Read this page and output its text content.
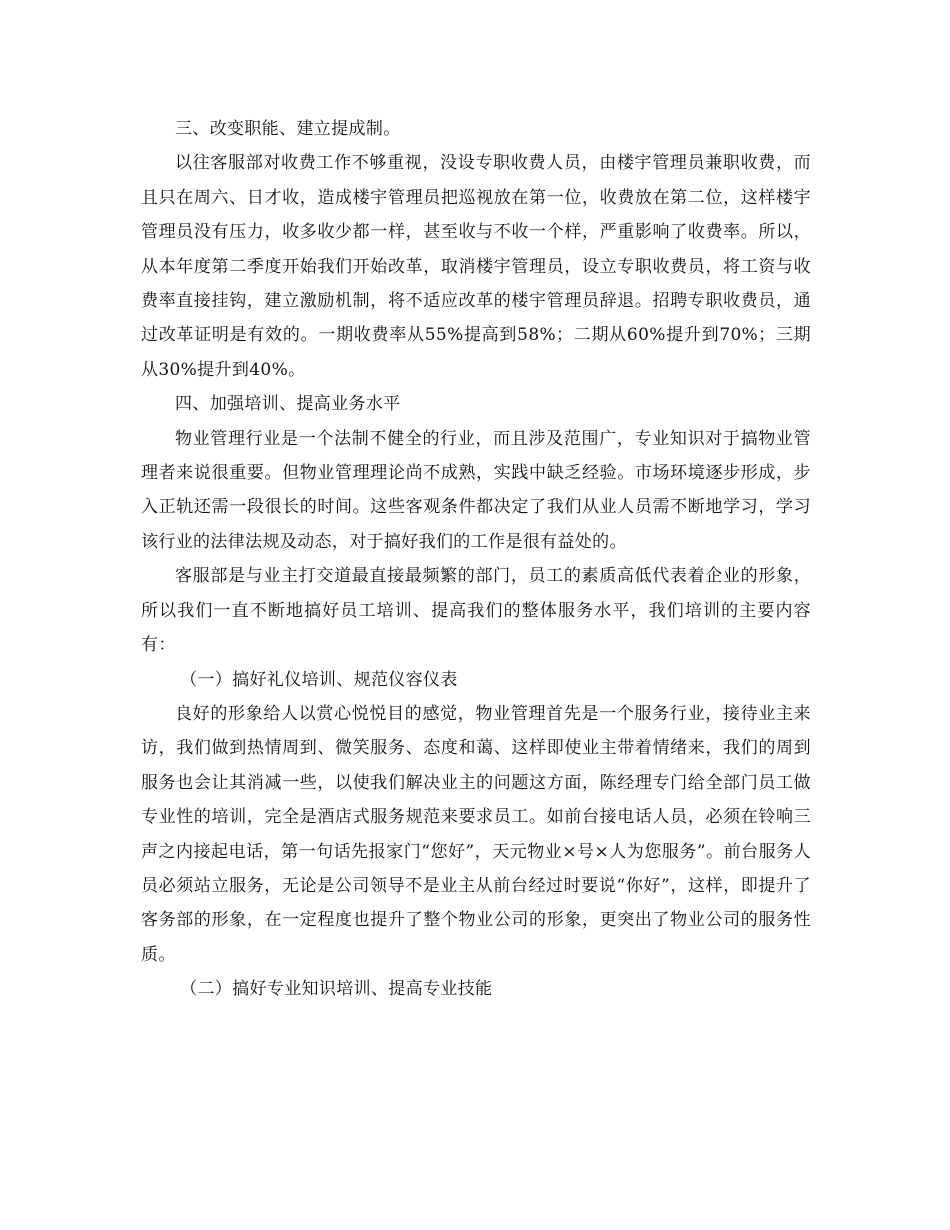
三、改变职能、建立提成制。

以往客服部对收费工作不够重视，没设专职收费人员，由楼宇管理员兼职收费，而且只在周六、日才收，造成楼宇管理员把巡视放在第一位，收费放在第二位，这样楼宇管理员没有压力，收多收少都一样，甚至收与不收一个样，严重影响了收费率。所以，从本年度第二季度开始我们开始改革，取消楼宇管理员，设立专职收费员，将工资与收费率直接挂钩，建立激励机制，将不适应改革的楼宇管理员辞退。招聘专职收费员，通过改革证明是有效的。一期收费率从55%提高到58%；二期从60%提升到70%；三期从30%提升到40%。

四、加强培训、提高业务水平

物业管理行业是一个法制不健全的行业，而且涉及范围广，专业知识对于搞物业管理者来说很重要。但物业管理理论尚不成熟，实践中缺乏经验。市场环境逐步形成，步入正轨还需一段很长的时间。这些客观条件都决定了我们从业人员需不断地学习，学习该行业的法律法规及动态，对于搞好我们的工作是很有益处的。

客服部是与业主打交道最直接最频繁的部门，员工的素质高低代表着企业的形象，所以我们一直不断地搞好员工培训、提高我们的整体服务水平，我们培训的主要内容有：

（一）搞好礼仪培训、规范仪容仪表

良好的形象给人以赏心悦悦目的感觉，物业管理首先是一个服务行业，接待业主来访，我们做到热情周到、微笑服务、态度和蔼、这样即使业主带着情绪来，我们的周到服务也会让其消减一些，以使我们解决业主的问题这方面，陈经理专门给全部门员工做专业性的培训，完全是酒店式服务规范来要求员工。如前台接电话人员，必须在铃响三声之内接起电话，第一句话先报家门“您好”，天元物业×号×人为您服务”。前台服务人员必须站立服务，无论是公司领导不是业主从前台经过时要说“你好”，这样，即提升了客务部的形象，在一定程度也提升了整个物业公司的形象，更突出了物业公司的服务性质。

（二）搞好专业知识培训、提高专业技能
